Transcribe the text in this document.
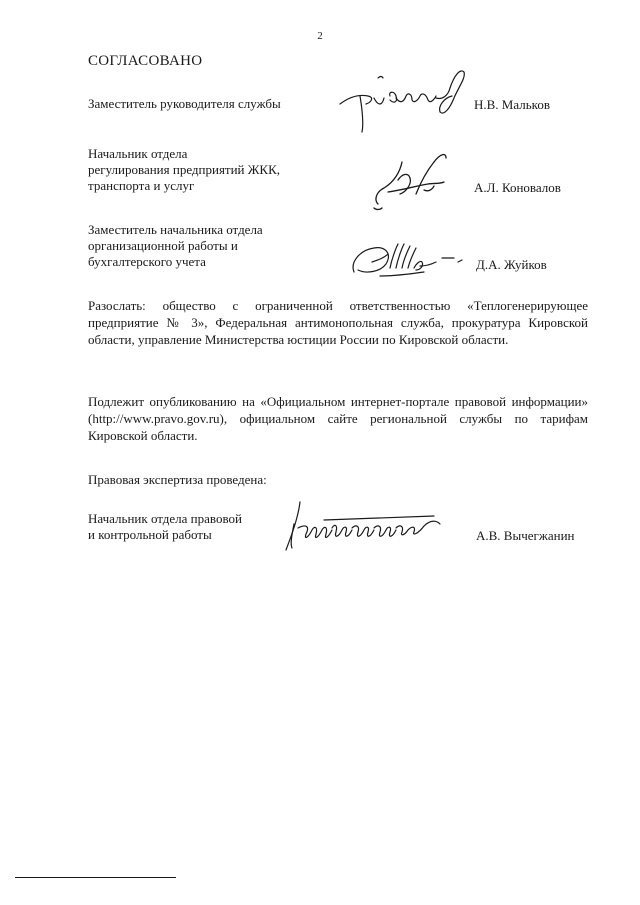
2
СОГЛАСОВАНО
Заместитель руководителя службы	Н.В. Мальков
Начальник отдела
регулирования предприятий ЖКК,
транспорта и услуг	А.Л. Коновалов
Заместитель начальника отдела
организационной работы и
бухгалтерского учета	Д.А. Жуйков
Разослать: общество с ограниченной ответственностью «Теплогенерирующее предприятие № 3», Федеральная антимонопольная служба, прокуратура Кировской области, управление Министерства юстиции России по Кировской области.
Подлежит опубликованию на «Официальном интернет-портале правовой информации» (http://www.pravo.gov.ru), официальном сайте региональной службы по тарифам Кировской области.
Правовая экспертиза проведена:
Начальник отдела правовой
и контрольной работы	А.В. Вычегжанин
